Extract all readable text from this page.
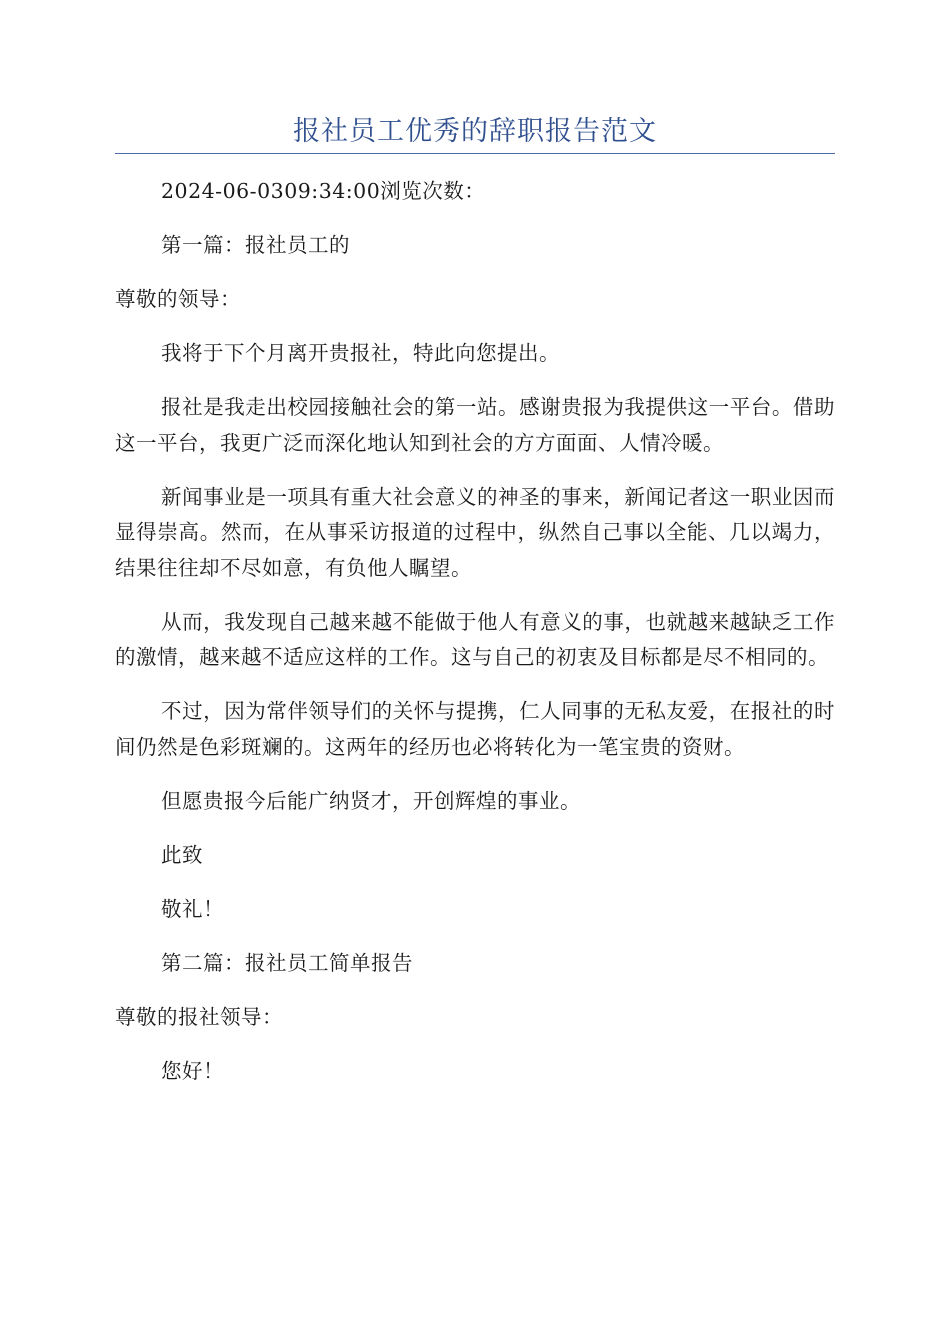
报社员工优秀的辞职报告范文

2024-06-0309:34:00浏览次数：

第一篇：报社员工的

尊敬的领导：

我将于下个月离开贵报社，特此向您提出。

报社是我走出校园接触社会的第一站。感谢贵报为我提供这一平台。借助这一平台，我更广泛而深化地认知到社会的方方面面、人情冷暖。

新闻事业是一项具有重大社会意义的神圣的事来，新闻记者这一职业因而显得崇高。然而，在从事采访报道的过程中，纵然自己事以全能、几以竭力，结果往往却不尽如意，有负他人瞩望。

从而，我发现自己越来越不能做于他人有意义的事，也就越来越缺乏工作的激情，越来越不适应这样的工作。这与自己的初衷及目标都是尽不相同的。

不过，因为常伴领导们的关怀与提携，仁人同事的无私友爱，在报社的时间仍然是色彩斑斓的。这两年的经历也必将转化为一笔宝贵的资财。

但愿贵报今后能广纳贤才，开创辉煌的事业。

此致

敬礼！

第二篇：报社员工简单报告

尊敬的报社领导：

您好！
